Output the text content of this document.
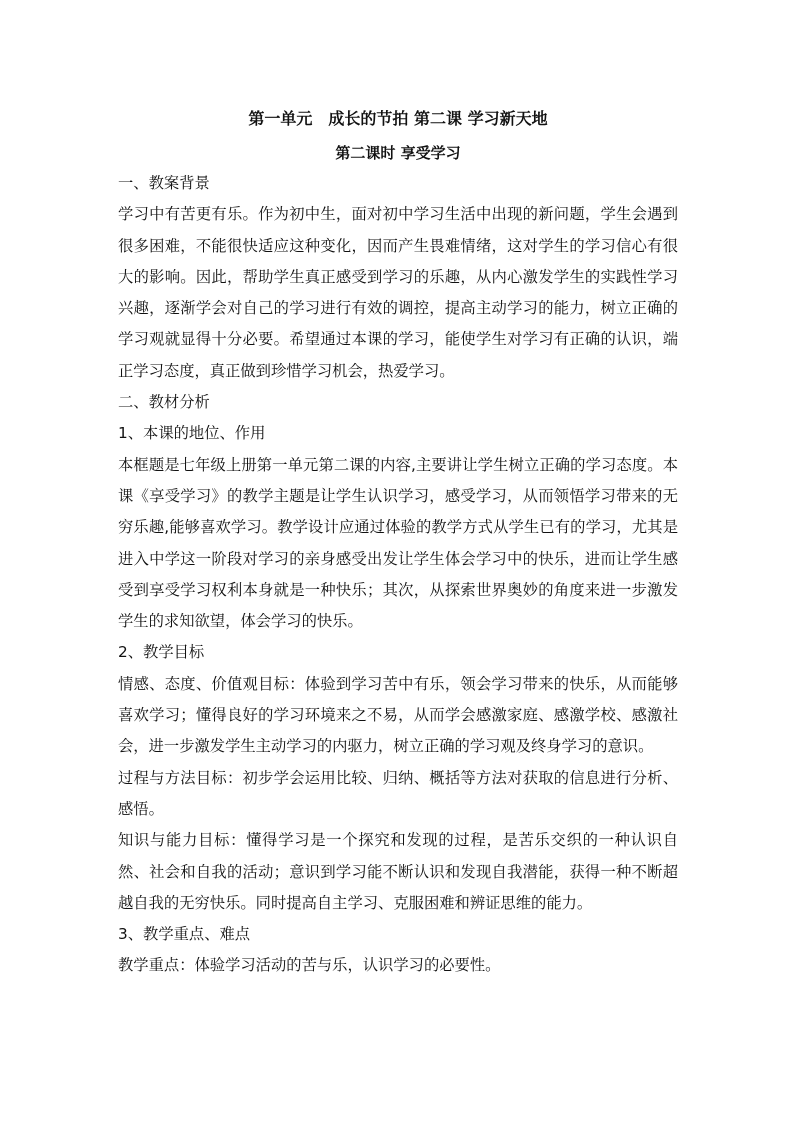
第一单元　成长的节拍 第二课 学习新天地
第二课时 享受学习

一、教案背景

学习中有苦更有乐。作为初中生，面对初中学习生活中出现的新问题，学生会遇到很多困难，不能很快适应这种变化，因而产生畏难情绪，这对学生的学习信心有很大的影响。因此，帮助学生真正感受到学习的乐趣，从内心激发学生的实践性学习兴趣，逐渐学会对自己的学习进行有效的调控，提高主动学习的能力，树立正确的学习观就显得十分必要。希望通过本课的学习，能使学生对学习有正确的认识，端正学习态度，真正做到珍惜学习机会，热爱学习。

二、教材分析

1、本课的地位、作用

本框题是七年级上册第一单元第二课的内容,主要讲让学生树立正确的学习态度。本课《享受学习》的教学主题是让学生认识学习，感受学习，从而领悟学习带来的无穷乐趣,能够喜欢学习。教学设计应通过体验的教学方式从学生已有的学习，尤其是进入中学这一阶段对学习的亲身感受出发让学生体会学习中的快乐，进而让学生感受到享受学习权利本身就是一种快乐；其次，从探索世界奥妙的角度来进一步激发学生的求知欲望，体会学习的快乐。

2、教学目标

情感、态度、价值观目标：体验到学习苦中有乐，领会学习带来的快乐，从而能够喜欢学习；懂得良好的学习环境来之不易，从而学会感激家庭、感激学校、感激社会，进一步激发学生主动学习的内驱力，树立正确的学习观及终身学习的意识。

过程与方法目标：初步学会运用比较、归纳、概括等方法对获取的信息进行分析、感悟。

知识与能力目标：懂得学习是一个探究和发现的过程，是苦乐交织的一种认识自然、社会和自我的活动；意识到学习能不断认识和发现自我潜能，获得一种不断超越自我的无穷快乐。同时提高自主学习、克服困难和辨证思维的能力。

3、教学重点、难点

教学重点：体验学习活动的苦与乐，认识学习的必要性。
